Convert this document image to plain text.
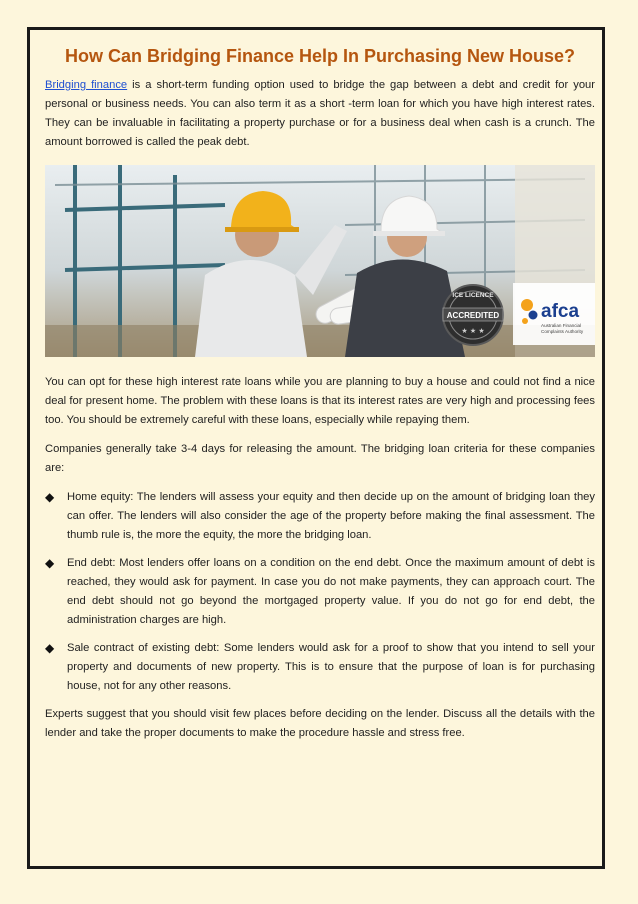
How Can Bridging Finance Help In Purchasing New House?

Bridging finance is a short-term funding option used to bridge the gap between a debt and credit for your personal or business needs. You can also term it as a short -term loan for which you have high interest rates. They can be invaluable in facilitating a property purchase or for a business deal when cash is a crunch. The amount borrowed is called the peak debt.

ICE LICENCE
ACCREDITED
★ ★ ★
afca
Australian Financial
Complaints Authority

You can opt for these high interest rate loans while you are planning to buy a house and could not find a nice deal for present home. The problem with these loans is that its interest rates are very high and processing fees too. You should be extremely careful with these loans, especially while repaying them.

Companies generally take 3-4 days for releasing the amount. The bridging loan criteria for these companies are:

◆ Home equity: The lenders will assess your equity and then decide up on the amount of bridging loan they can offer. The lenders will also consider the age of the property before making the final assessment. The thumb rule is, the more the equity, the more the bridging loan.
◆ End debt: Most lenders offer loans on a condition on the end debt. Once the maximum amount of debt is reached, they would ask for payment. In case you do not make payments, they can approach court. The end debt should not go beyond the mortgaged property value. If you do not go for end debt, the administration charges are high.
◆ Sale contract of existing debt: Some lenders would ask for a proof to show that you intend to sell your property and documents of new property. This is to ensure that the purpose of loan is for purchasing house, not for any other reasons.

Experts suggest that you should visit few places before deciding on the lender. Discuss all the details with the lender and take the proper documents to make the procedure hassle and stress free.
